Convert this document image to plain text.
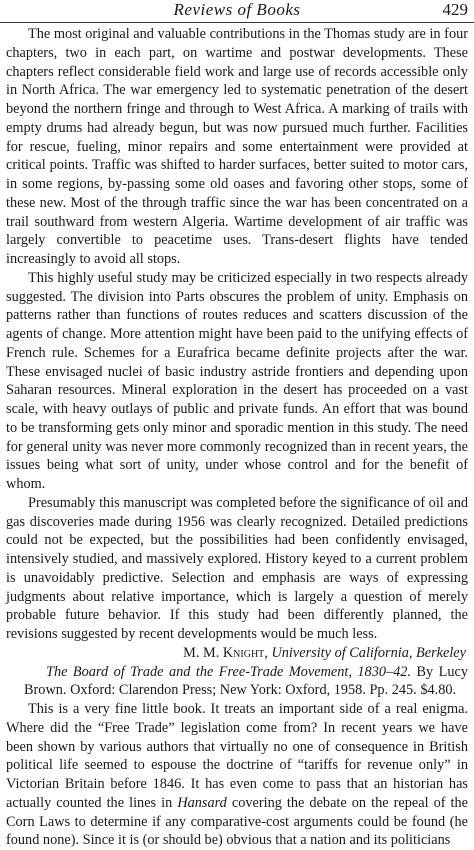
Reviews of Books	429

The most original and valuable contributions in the Thomas study are in four chapters, two in each part, on wartime and postwar developments. These chapters reflect considerable field work and large use of records accessible only in North Africa. The war emergency led to systematic penetration of the desert beyond the northern fringe and through to West Africa. A marking of trails with empty drums had already begun, but was now pursued much further. Facilities for rescue, fueling, minor repairs and some entertainment were provided at critical points. Traffic was shifted to harder surfaces, better suited to motor cars, in some regions, by-passing some old oases and favoring other stops, some of these new. Most of the through traffic since the war has been concentrated on a trail southward from western Algeria. Wartime development of air traffic was largely convertible to peacetime uses. Trans-desert flights have tended increasingly to avoid all stops.

This highly useful study may be criticized especially in two respects already suggested. The division into Parts obscures the problem of unity. Emphasis on patterns rather than functions of routes reduces and scatters discussion of the agents of change. More attention might have been paid to the unifying effects of French rule. Schemes for a Eurafrica became definite projects after the war. These envisaged nuclei of basic industry astride frontiers and depending upon Saharan resources. Mineral exploration in the desert has proceeded on a vast scale, with heavy outlays of public and private funds. An effort that was bound to be transforming gets only minor and sporadic mention in this study. The need for general unity was never more commonly recognized than in recent years, the issues being what sort of unity, under whose control and for the benefit of whom.

Presumably this manuscript was completed before the significance of oil and gas discoveries made during 1956 was clearly recognized. Detailed predictions could not be expected, but the possibilities had been confidently envisaged, intensively studied, and massively explored. History keyed to a current problem is unavoidably predictive. Selection and emphasis are ways of expressing judgments about relative importance, which is largely a question of merely probable future behavior. If this study had been differently planned, the revisions suggested by recent developments would be much less.

M. M. Knight, University of California, Berkeley

The Board of Trade and the Free-Trade Movement, 1830–42. By Lucy Brown. Oxford: Clarendon Press; New York: Oxford, 1958. Pp. 245. $4.80.

This is a very fine little book. It treats an important side of a real enigma. Where did the “Free Trade” legislation come from? In recent years we have been shown by various authors that virtually no one of consequence in British political life seemed to espouse the doctrine of “tariffs for revenue only” in Victorian Britain before 1846. It has even come to pass that an historian has actually counted the lines in Hansard covering the debate on the repeal of the Corn Laws to determine if any comparative-cost arguments could be found (he found none). Since it is (or should be) obvious that a nation and its politicians
